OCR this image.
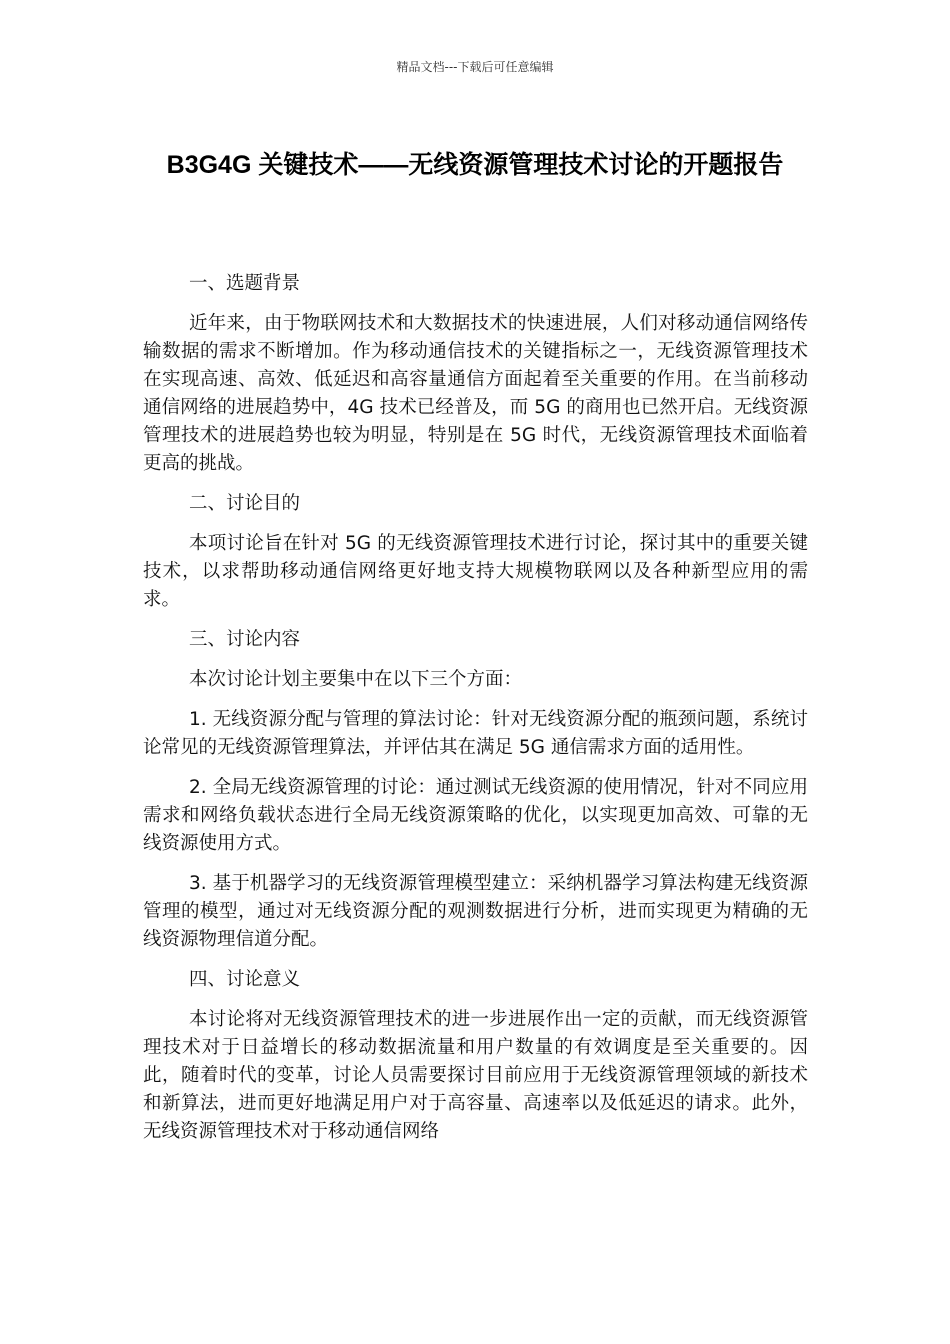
精品文档---下载后可任意编辑
B3G4G 关键技术——无线资源管理技术讨论的开题报告

一、选题背景

近年来，由于物联网技术和大数据技术的快速进展，人们对移动通信网络传输数据的需求不断增加。作为移动通信技术的关键指标之一，无线资源管理技术在实现高速、高效、低延迟和高容量通信方面起着至关重要的作用。在当前移动通信网络的进展趋势中，4G 技术已经普及，而 5G 的商用也已然开启。无线资源管理技术的进展趋势也较为明显，特别是在 5G 时代，无线资源管理技术面临着更高的挑战。

二、讨论目的

本项讨论旨在针对 5G 的无线资源管理技术进行讨论，探讨其中的重要关键技术，以求帮助移动通信网络更好地支持大规模物联网以及各种新型应用的需求。

三、讨论内容

本次讨论计划主要集中在以下三个方面：

1. 无线资源分配与管理的算法讨论：针对无线资源分配的瓶颈问题，系统讨论常见的无线资源管理算法，并评估其在满足 5G 通信需求方面的适用性。

2. 全局无线资源管理的讨论：通过测试无线资源的使用情况，针对不同应用需求和网络负载状态进行全局无线资源策略的优化，以实现更加高效、可靠的无线资源使用方式。

3. 基于机器学习的无线资源管理模型建立：采纳机器学习算法构建无线资源管理的模型，通过对无线资源分配的观测数据进行分析，进而实现更为精确的无线资源物理信道分配。

四、讨论意义

本讨论将对无线资源管理技术的进一步进展作出一定的贡献，而无线资源管理技术对于日益增长的移动数据流量和用户数量的有效调度是至关重要的。因此，随着时代的变革，讨论人员需要探讨目前应用于无线资源管理领域的新技术和新算法，进而更好地满足用户对于高容量、高速率以及低延迟的请求。此外，无线资源管理技术对于移动通信网络
